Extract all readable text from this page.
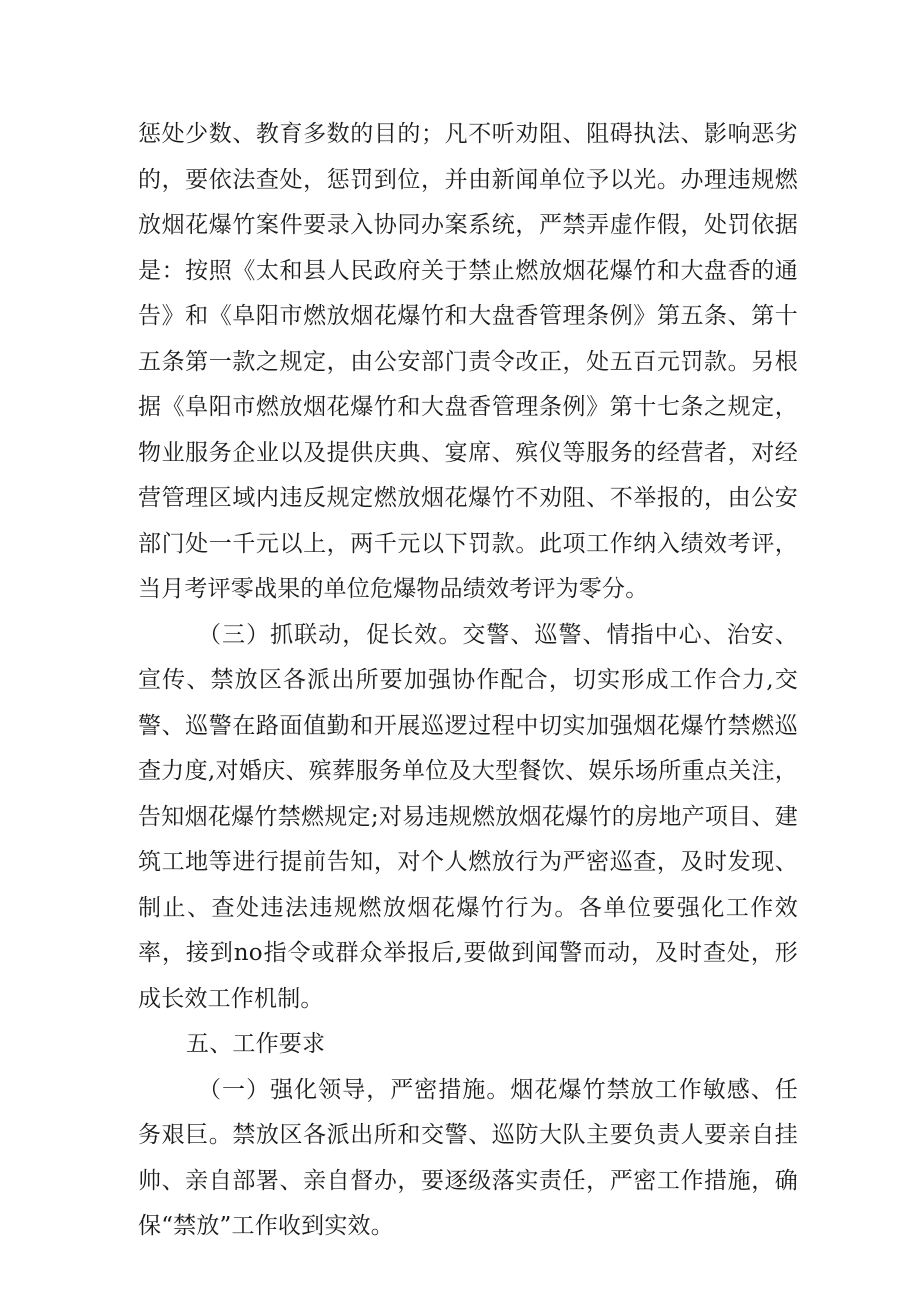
惩处少数、教育多数的目的；凡不听劝阻、阻碍执法、影响恶劣的，要依法查处，惩罚到位，并由新闻单位予以光。办理违规燃放烟花爆竹案件要录入协同办案系统，严禁弄虚作假，处罚依据是：按照《太和县人民政府关于禁止燃放烟花爆竹和大盘香的通告》和《阜阳市燃放烟花爆竹和大盘香管理条例》第五条、第十五条第一款之规定，由公安部门责令改正，处五百元罚款。另根据《阜阳市燃放烟花爆竹和大盘香管理条例》第十七条之规定，物业服务企业以及提供庆典、宴席、殡仪等服务的经营者，对经营管理区域内违反规定燃放烟花爆竹不劝阻、不举报的，由公安部门处一千元以上，两千元以下罚款。此项工作纳入绩效考评，当月考评零战果的单位危爆物品绩效考评为零分。

（三）抓联动，促长效。交警、巡警、情指中心、治安、宣传、禁放区各派出所要加强协作配合，切实形成工作合力,交警、巡警在路面值勤和开展巡逻过程中切实加强烟花爆竹禁燃巡查力度,对婚庆、殡葬服务单位及大型餐饮、娱乐场所重点关注，告知烟花爆竹禁燃规定;对易违规燃放烟花爆竹的房地产项目、建筑工地等进行提前告知，对个人燃放行为严密巡查，及时发现、制止、查处违法违规燃放烟花爆竹行为。各单位要强化工作效率，接到no指令或群众举报后,要做到闻警而动，及时查处，形成长效工作机制。

五、工作要求

（一）强化领导，严密措施。烟花爆竹禁放工作敏感、任务艰巨。禁放区各派出所和交警、巡防大队主要负责人要亲自挂帅、亲自部署、亲自督办，要逐级落实责任，严密工作措施，确保“禁放”工作收到实效。
